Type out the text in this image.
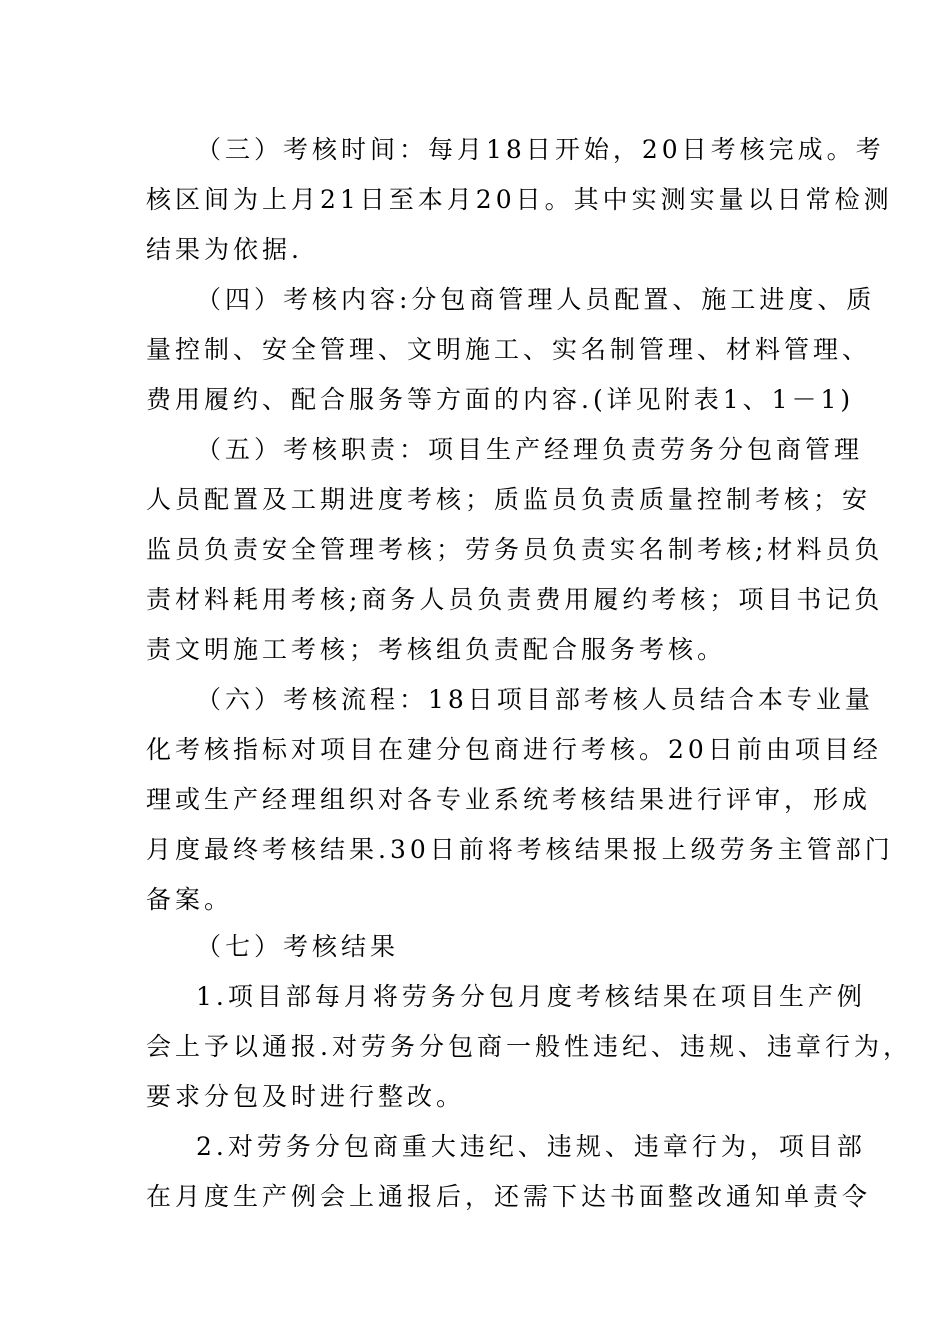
（三）考核时间：每月18日开始，20日考核完成。考
核区间为上月21日至本月20日。其中实测实量以日常检测
结果为依据.
（四）考核内容:分包商管理人员配置、施工进度、质
量控制、安全管理、文明施工、实名制管理、材料管理、
费用履约、配合服务等方面的内容.(详见附表1、1－1)
（五）考核职责：项目生产经理负责劳务分包商管理
人员配置及工期进度考核；质监员负责质量控制考核；安
监员负责安全管理考核；劳务员负责实名制考核;材料员负
责材料耗用考核;商务人员负责费用履约考核；项目书记负
责文明施工考核；考核组负责配合服务考核。
（六）考核流程：18日项目部考核人员结合本专业量
化考核指标对项目在建分包商进行考核。20日前由项目经
理或生产经理组织对各专业系统考核结果进行评审，形成
月度最终考核结果.30日前将考核结果报上级劳务主管部门
备案。
（七）考核结果
1.项目部每月将劳务分包月度考核结果在项目生产例
会上予以通报.对劳务分包商一般性违纪、违规、违章行为，
要求分包及时进行整改。
2.对劳务分包商重大违纪、违规、违章行为，项目部
在月度生产例会上通报后，还需下达书面整改通知单责令
